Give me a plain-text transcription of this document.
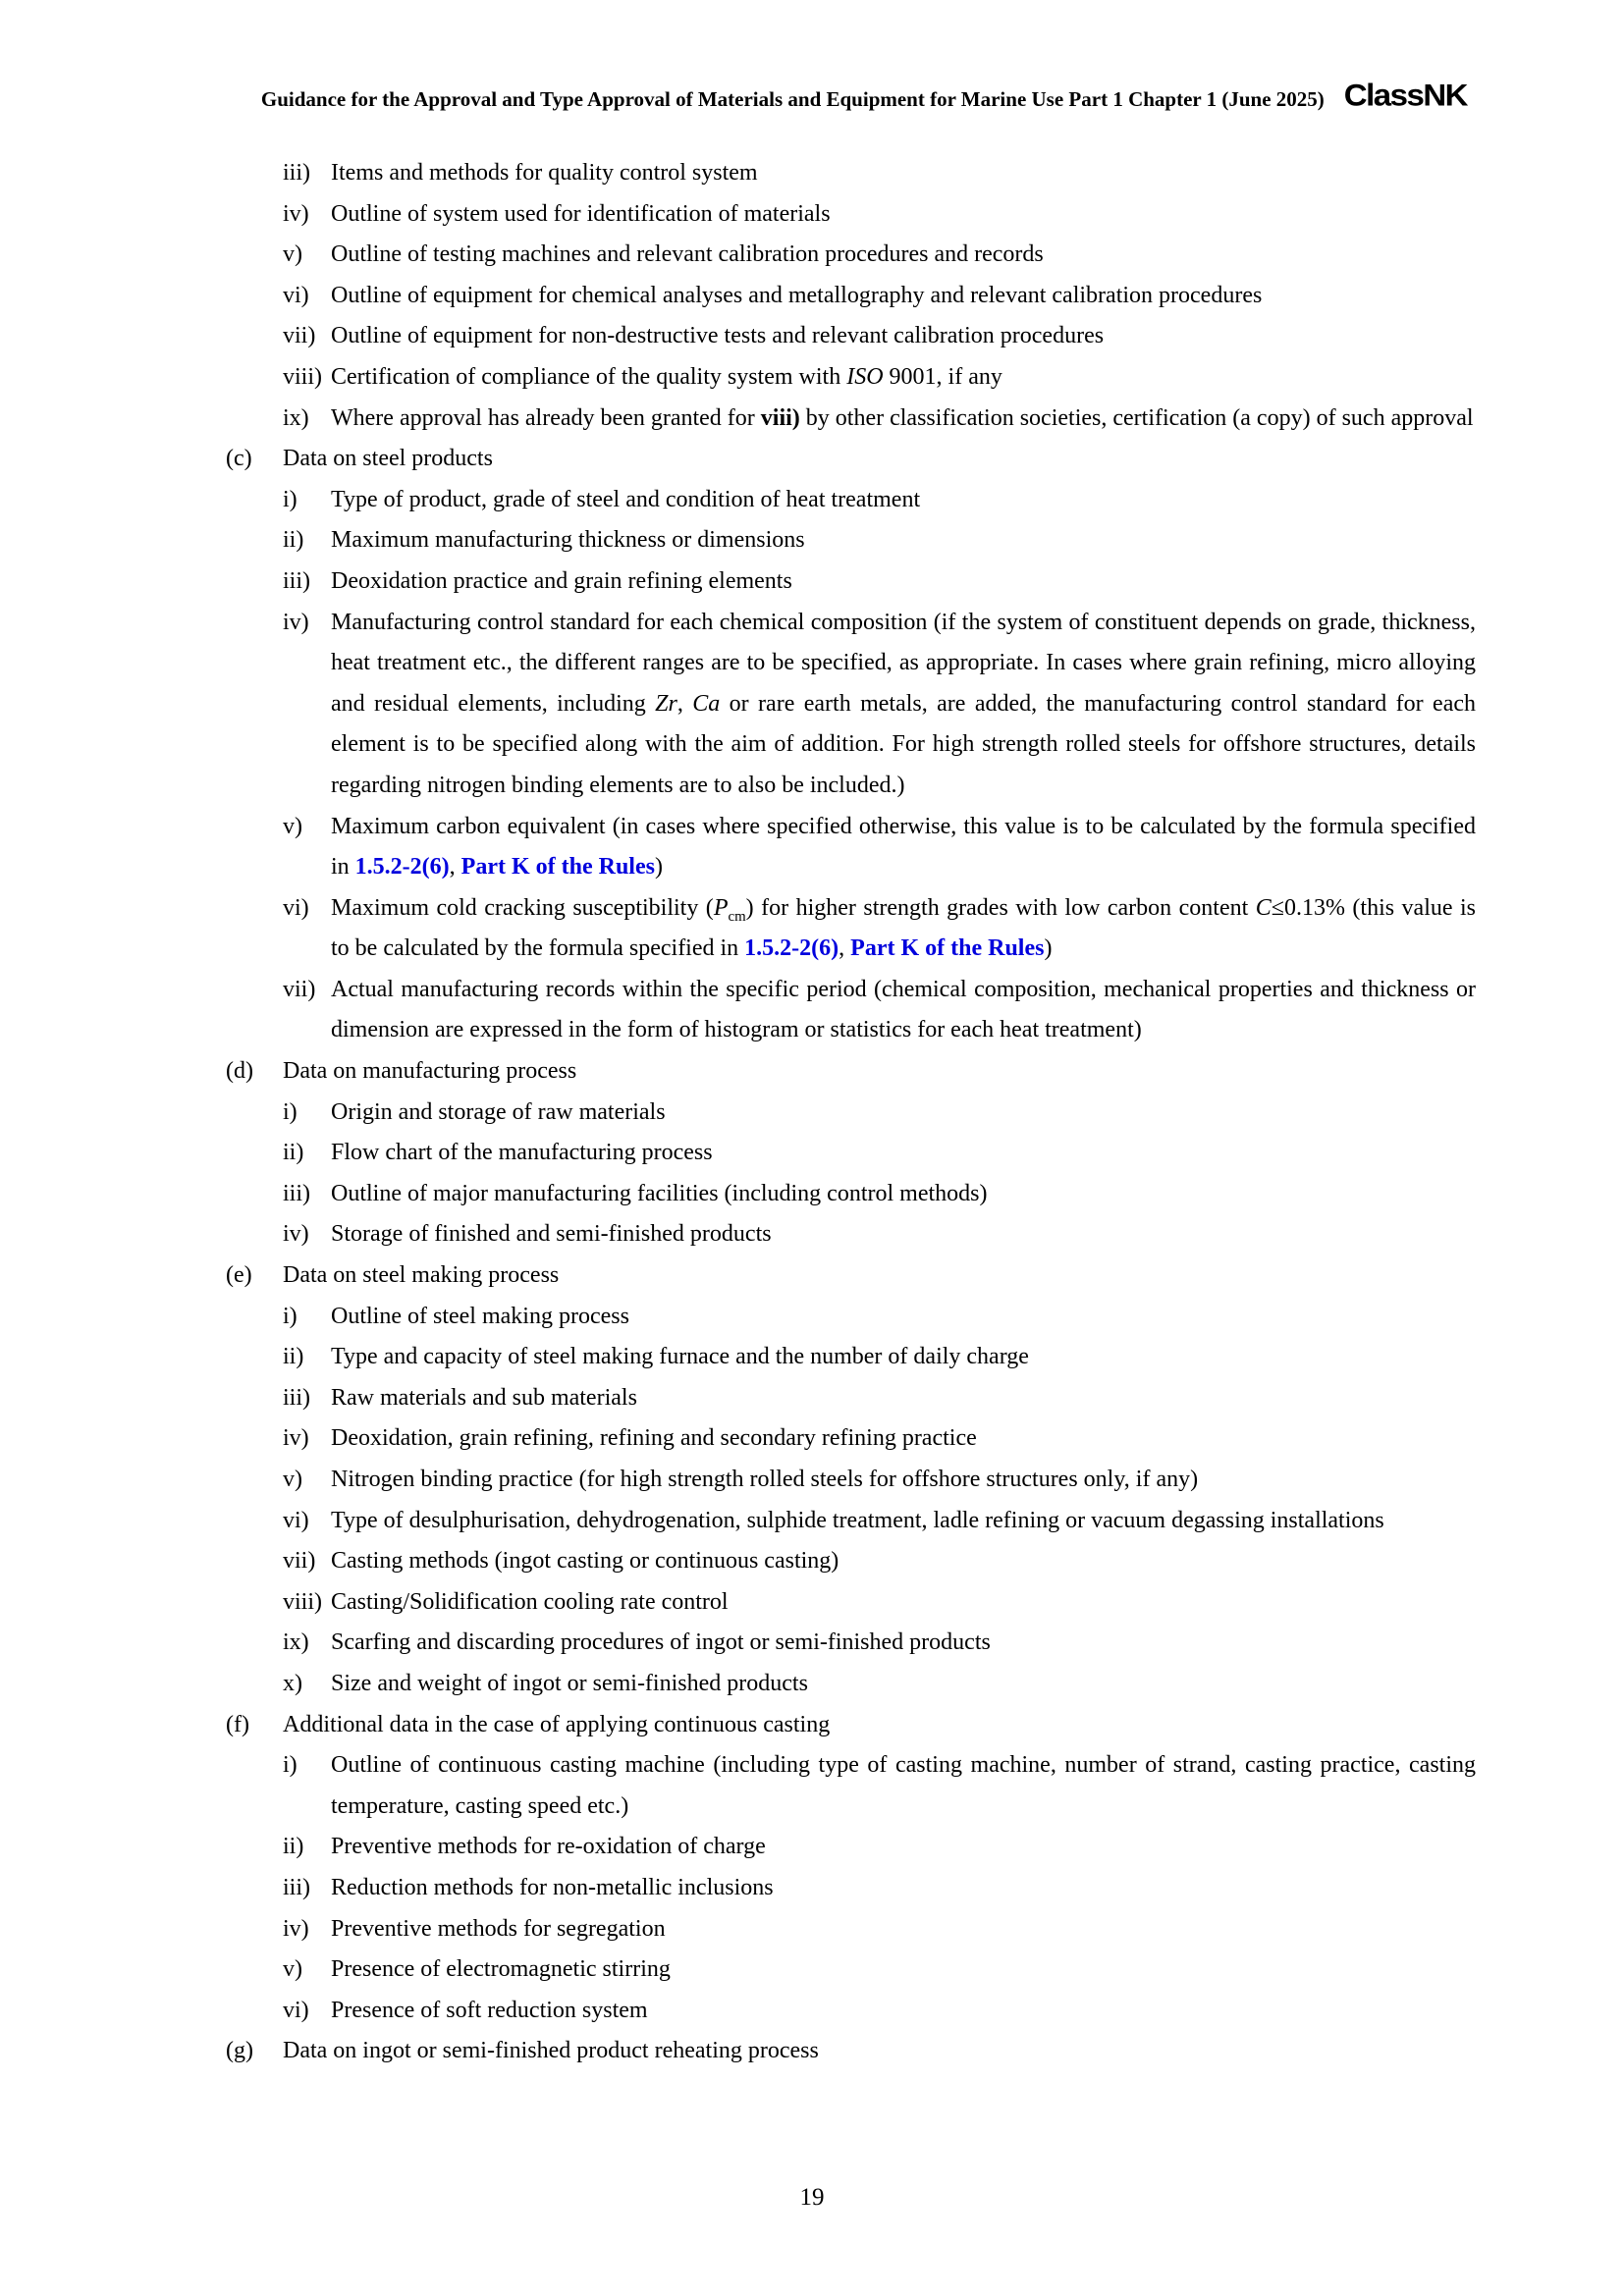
Guidance for the Approval and Type Approval of Materials and Equipment for Marine Use Part 1 Chapter 1 (June 2025) ClassNK
iii) Items and methods for quality control system
iv) Outline of system used for identification of materials
v)	Outline of testing machines and relevant calibration procedures and records
vi) Outline of equipment for chemical analyses and metallography and relevant calibration procedures
vii) Outline of equipment for non-destructive tests and relevant calibration procedures
viii) Certification of compliance of the quality system with ISO 9001, if any
ix) Where approval has already been granted for viii) by other classification societies, certification (a copy) of such approval
(c)	Data on steel products
i)	Type of product, grade of steel and condition of heat treatment
ii)	Maximum manufacturing thickness or dimensions
iii) Deoxidation practice and grain refining elements
iv) Manufacturing control standard for each chemical composition (if the system of constituent depends on grade, thickness, heat treatment etc., the different ranges are to be specified, as appropriate. In cases where grain refining, micro alloying and residual elements, including Zr, Ca or rare earth metals, are added, the manufacturing control standard for each element is to be specified along with the aim of addition. For high strength rolled steels for offshore structures, details regarding nitrogen binding elements are to also be included.)
v)	Maximum carbon equivalent (in cases where specified otherwise, this value is to be calculated by the formula specified in 1.5.2-2(6), Part K of the Rules)
vi) Maximum cold cracking susceptibility $(P_{cm})$ for higher strength grades with low carbon content C≤0.13% (this value is to be calculated by the formula specified in 1.5.2-2(6), Part K of the Rules)
vii) Actual manufacturing records within the specific period (chemical composition, mechanical properties and thickness or dimension are expressed in the form of histogram or statistics for each heat treatment)
(d)	Data on manufacturing process
i)	Origin and storage of raw materials
ii)	Flow chart of the manufacturing process
iii) Outline of major manufacturing facilities (including control methods)
iv) Storage of finished and semi-finished products
(e)	Data on steel making process
i)	Outline of steel making process
ii)	Type and capacity of steel making furnace and the number of daily charge
iii) Raw materials and sub materials
iv) Deoxidation, grain refining, refining and secondary refining practice
v)	Nitrogen binding practice (for high strength rolled steels for offshore structures only, if any)
vi) Type of desulphurisation, dehydrogenation, sulphide treatment, ladle refining or vacuum degassing installations
vii) Casting methods (ingot casting or continuous casting)
viii) Casting/Solidification cooling rate control
ix) Scarfing and discarding procedures of ingot or semi-finished products
x)	Size and weight of ingot or semi-finished products
(f)	Additional data in the case of applying continuous casting
i)	Outline of continuous casting machine (including type of casting machine, number of strand, casting practice, casting temperature, casting speed etc.)
ii)	Preventive methods for re-oxidation of charge
iii) Reduction methods for non-metallic inclusions
iv) Preventive methods for segregation
v)	Presence of electromagnetic stirring
vi) Presence of soft reduction system
(g)	Data on ingot or semi-finished product reheating process
19
